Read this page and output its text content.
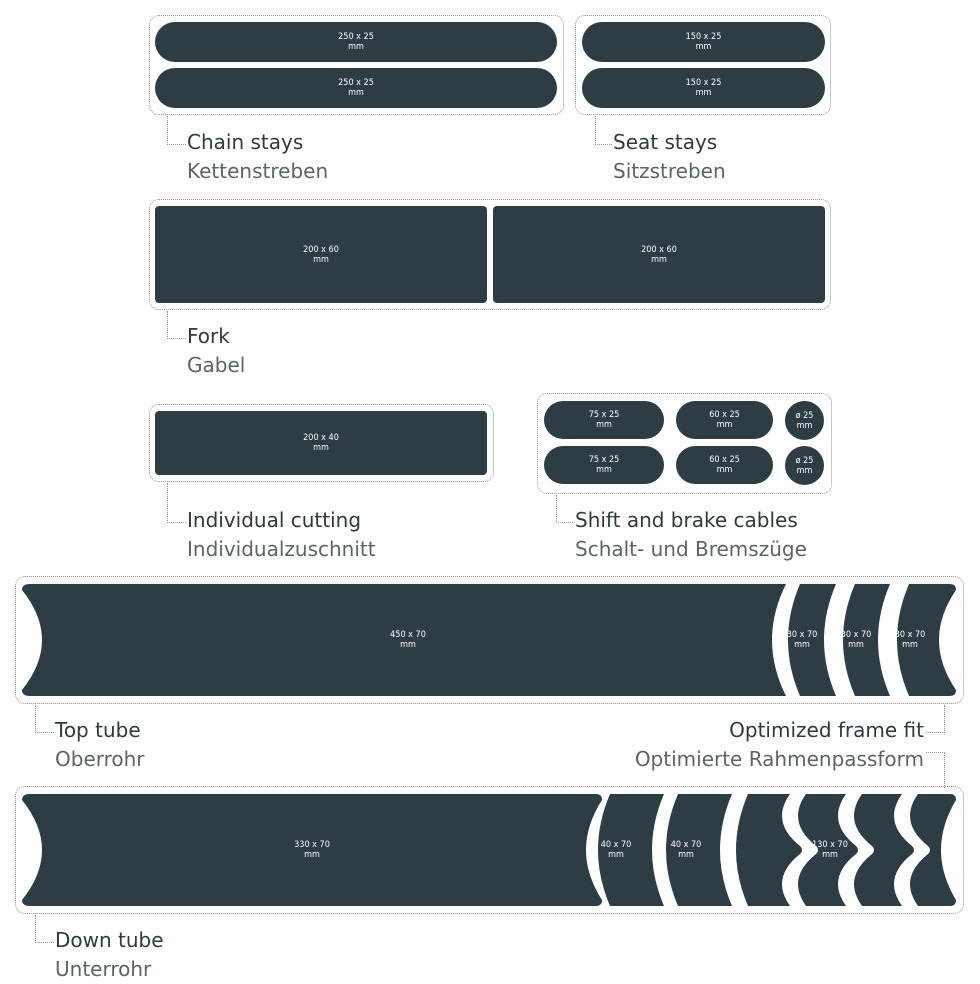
250 x 25
mm
250 x 25
mm
Chain stays
Kettenstreben
150 x 25
mm
150 x 25
mm
Seat stays
Sitzstreben
200 x 60
mm
200 x 60
mm
Fork
Gabel
200 x 40
mm
Individual cutting
Individualzuschnitt
75 x 25
mm
60 x 25
mm
ø 25
mm
75 x 25
mm
60 x 25
mm
ø 25
mm
Shift and brake cables
Schalt- und Bremszüge
450 x 70
mm
30 x 70
mm
30 x 70
mm
30 x 70
mm
Top tube
Oberrohr
Optimized frame fit
Optimierte Rahmenpassform
330 x 70
mm
40 x 70
mm
40 x 70
mm
130 x 70
mm
Down tube
Unterrohr
